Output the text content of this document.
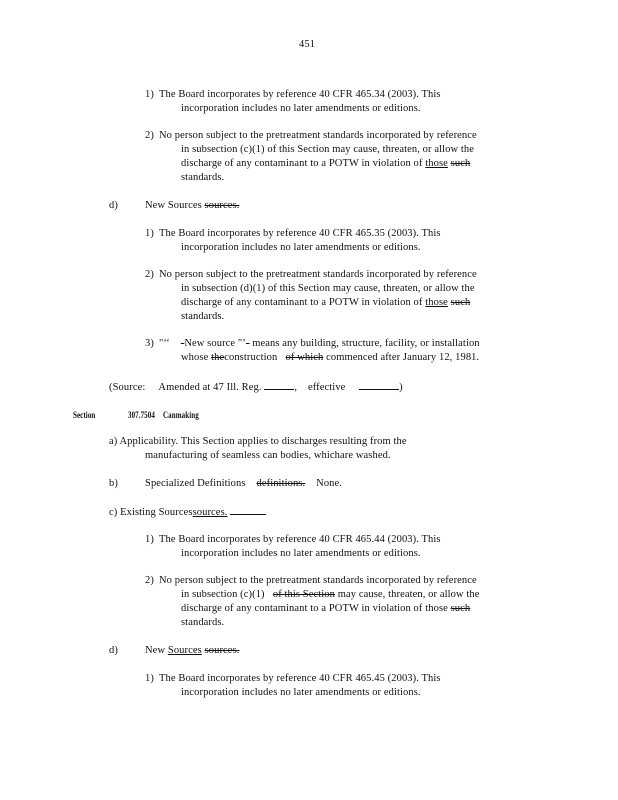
451
1) The Board incorporates by reference 40 CFR 465.34 (2003). This
incorporation includes no later amendments or editions.
2) No person subject to the pretreatment standards incorporated by reference
in subsection (c)(1) of this Section may cause, threaten, or allow the
discharge of any contaminant to a POTW in violation of those such
standards.
d)	New Sources sources.
1) The Board incorporates by reference 40 CFR 465.35 (2003). This
incorporation includes no later amendments or editions.
2) No person subject to the pretreatment standards incorporated by reference
in subsection (d)(1) of this Section may cause, threaten, or allow the
discharge of any contaminant to a POTW in violation of those such
standards.
3) "‘‘ -New source "’- means any building, structure, facility, or installation
whose theconstruction of which commenced after January 12, 1981.
(Source: Amended at 47 Ill. Reg.	, effective	)
Section	307.7504 Canmaking
a) Applicability. This Section applies to discharges resulting from the
manufacturing of seamless can bodies, whichare washed.
b)	Specialized Definitions definitions. None.
c) Existing Sourcessources.
1) The Board incorporates by reference 40 CFR 465.44 (2003). This
incorporation includes no later amendments or editions.
2) No person subject to the pretreatment standards incorporated by reference
in subsection (c)(1) of this Section may cause, threaten, or allow the
discharge of any contaminant to a POTW in violation of those such
standards.
d)	New Sources sources.
1) The Board incorporates by reference 40 CFR 465.45 (2003). This
incorporation includes no later amendments or editions.
